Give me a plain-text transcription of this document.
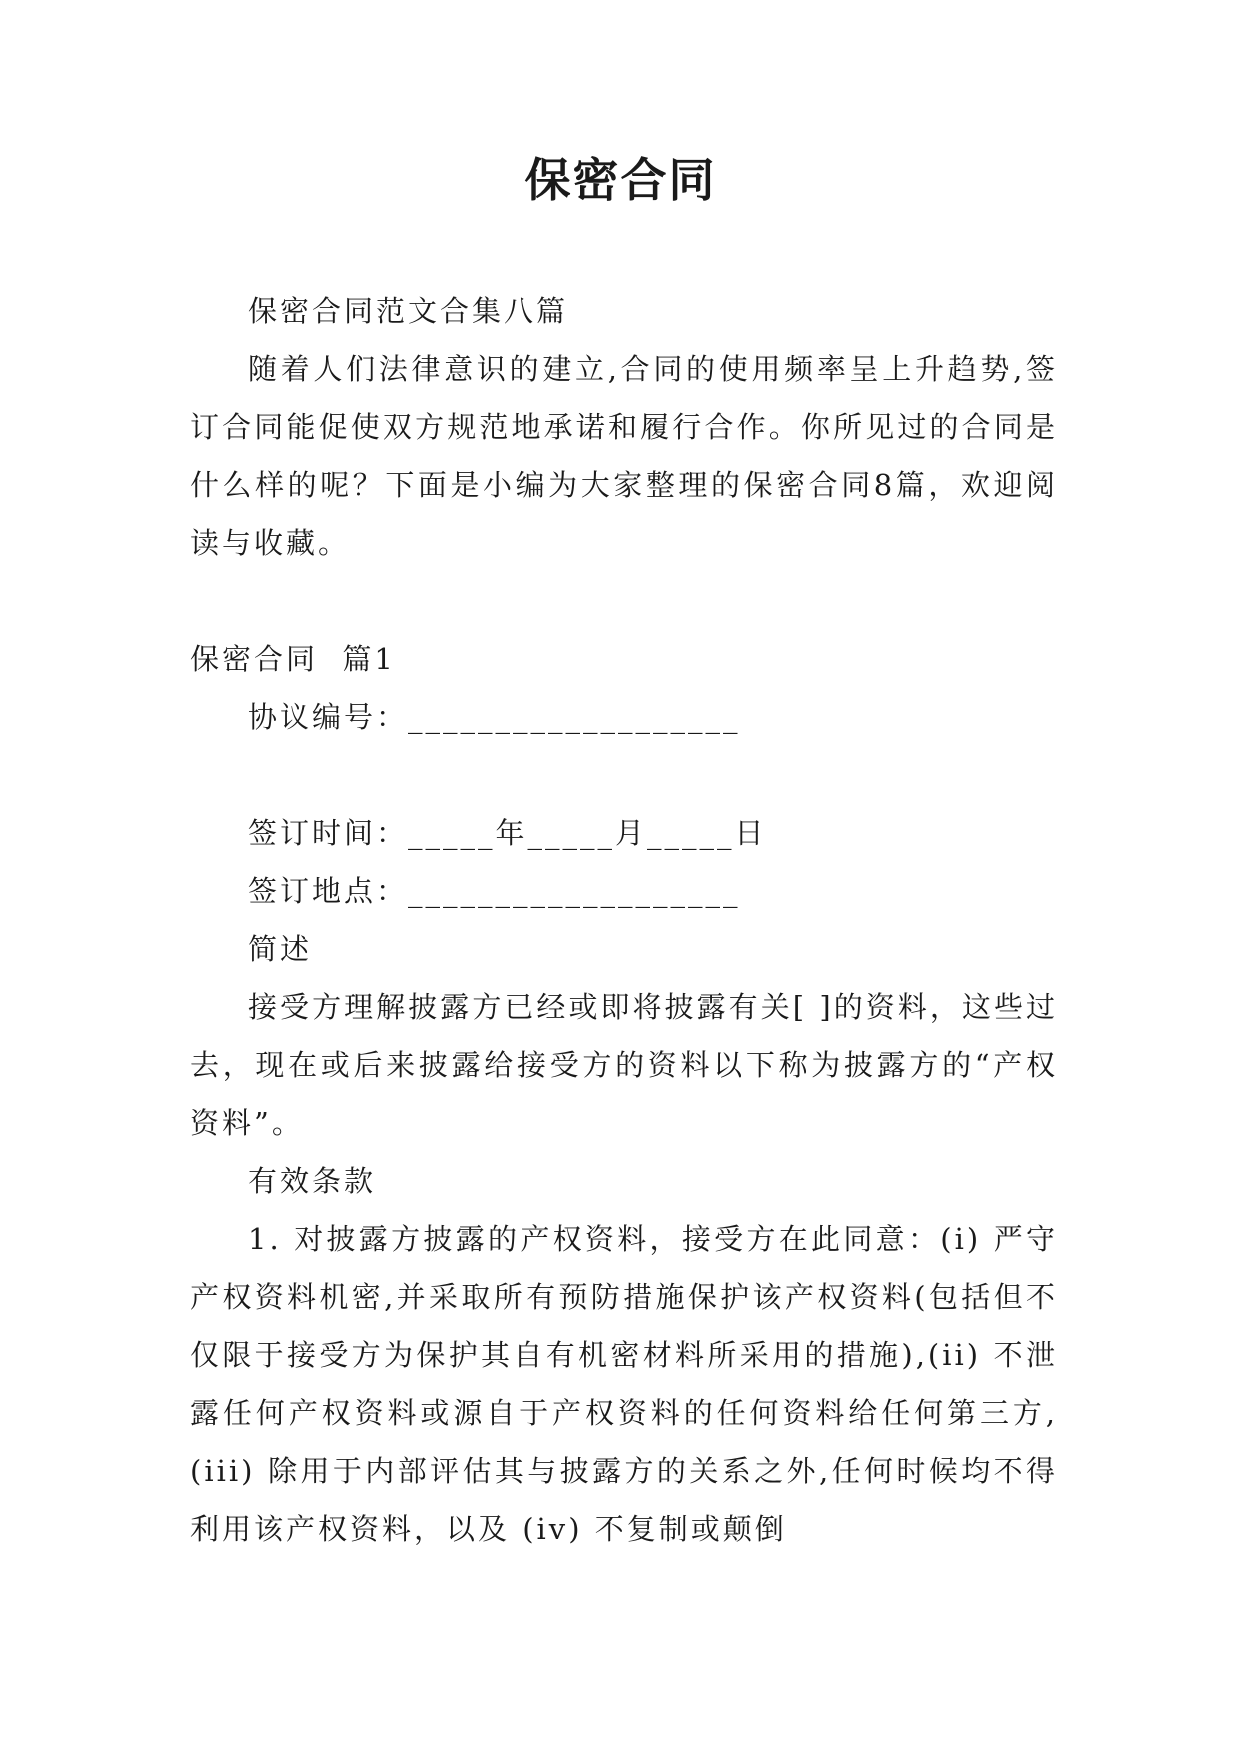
保密合同

保密合同范文合集八篇

随着人们法律意识的建立,合同的使用频率呈上升趋势,签订合同能促使双方规范地承诺和履行合作。你所见过的合同是什么样的呢？下面是小编为大家整理的保密合同8篇，欢迎阅读与收藏。

保密合同  篇1

协议编号：___________________

签订时间：_____年_____月_____日

签订地点：___________________

简述

接受方理解披露方已经或即将披露有关[ ]的资料，这些过去，现在或后来披露给接受方的资料以下称为披露方的“产权资料”。

有效条款

1. 对披露方披露的产权资料，接受方在此同意：(i) 严守产权资料机密,并采取所有预防措施保护该产权资料(包括但不仅限于接受方为保护其自有机密材料所采用的措施),(ii) 不泄露任何产权资料或源自于产权资料的任何资料给任何第三方,(iii) 除用于内部评估其与披露方的关系之外,任何时候均不得利用该产权资料，以及 (iv) 不复制或颠倒
